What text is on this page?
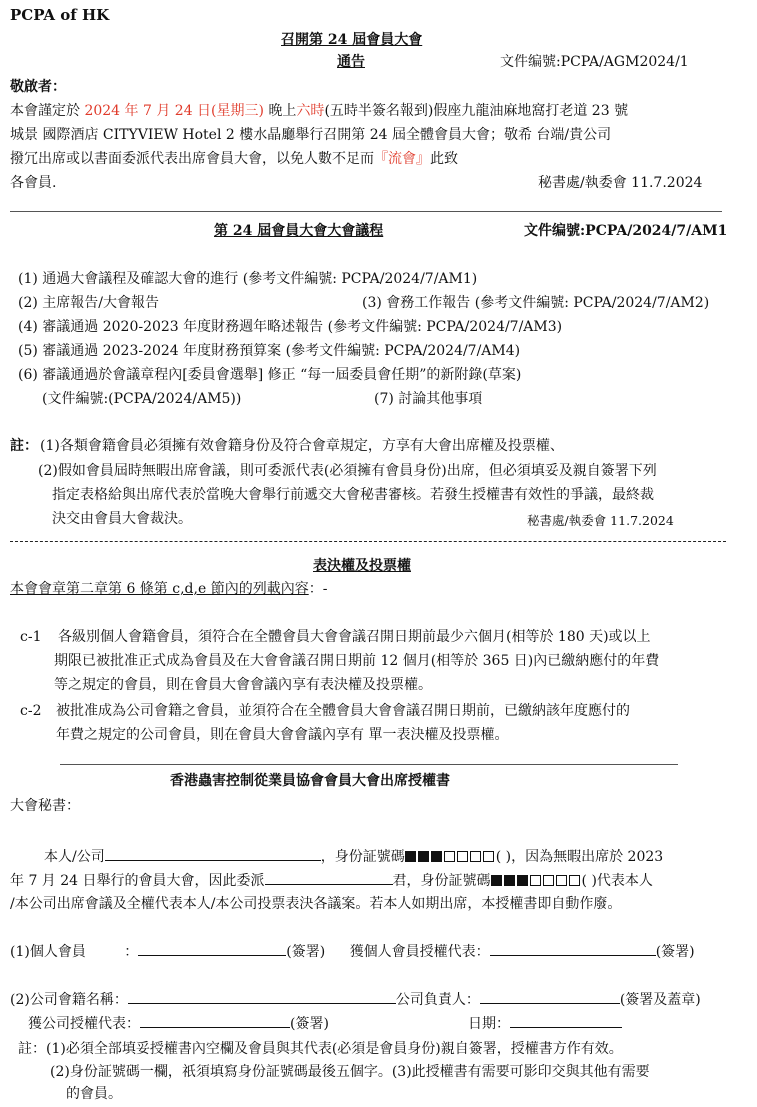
PCPA of HK
召開第 24 屆會員大會
通告	文件编號:PCPA/AGM2024/1
敬啟者：
本會謹定於 2024 年 7 月 24 日(星期三) 晚上六時(五時半簽名報到)假座九龍油麻地窩打老道 23 號
城景 國際酒店 CITYVIEW Hotel 2 樓水晶廳舉行召開第 24 屆全體會員大會；敬希 台端/貴公司
撥冗出席或以書面委派代表出席會員大會，以免人數不足而『流會』此致
各會員.	秘書處/執委會 11.7.2024
第 24 屆會員大會大會議程	文件编號:PCPA/2024/7/AM1
(1) 通過大會議程及確認大會的進行 (參考文件編號: PCPA/2024/7/AM1)
(2) 主席報告/大會報告	(3) 會務工作報告 (參考文件編號: PCPA/2024/7/AM2)
(4) 審議通過 2020-2023 年度財務週年略述報告 (參考文件編號: PCPA/2024/7/AM3)
(5) 審議通過 2023-2024 年度財務預算案 (參考文件編號: PCPA/2024/7/AM4)
(6) 審議通過於會議章程內[委員會選舉] 修正 “每一屆委員會任期”的新附錄(草案)
(文件編號:(PCPA/2024/AM5))	(7) 討論其他事項
註： (1)各類會籍會員必須擁有效會籍身份及符合會章規定，方享有大會出席權及投票權、
(2)假如會員屆時無暇出席會議，則可委派代表(必須擁有會員身份)出席，但必須填妥及親自簽署下列
指定表格給與出席代表於當晚大會舉行前遞交大會秘書審核。若發生授權書有效性的爭議，最終裁
決交由會員大會裁決。	秘書處/執委會 11.7.2024
表決權及投票權
本會會章第二章第 6 條第 c,d,e 節內的列載內容：-
c-1 各級別個人會籍會員，須符合在全體會員大會會議召開日期前最少六個月(相等於 180 天)或以上
期限已被批准正式成為會員及在大會會議召開日期前 12 個月(相等於 365 日)內已繳納應付的年費
等之規定的會員，則在會員大會會議內享有表決權及投票權。
c-2 被批准成為公司會籍之會員，並須符合在全體會員大會會議召開日期前，已繳納該年度應付的
年費之規定的公司會員，則在會員大會會議內享有 單一表決權及投票權。
香港蟲害控制從業員協會會員大會出席授權書
大會秘書：
本人/公司	，身份証號碼	( )，因為無暇出席於 2023
年 7 月 24 日舉行的會員大會，因此委派	君，身份証號碼	( )代表本人
/本公司出席會議及全權代表本人/本公司投票表決各議案。若本人如期出席，本授權書即自動作廢。
(1)個人會員	：	(簽署) 獲個人會員授權代表：	(簽署)
(2)公司會籍名稱：	公司負責人：	(簽署及蓋章)
獲公司授權代表：	(簽署)	日期：
註：(1)必須全部填妥授權書內空欄及會員與其代表(必須是會員身份)親自簽署，授權書方作有效。
(2)身份証號碼一欄，祇須填寫身份証號碼最後五個字。(3)此授權書有需要可影印交與其他有需要
的會員。
